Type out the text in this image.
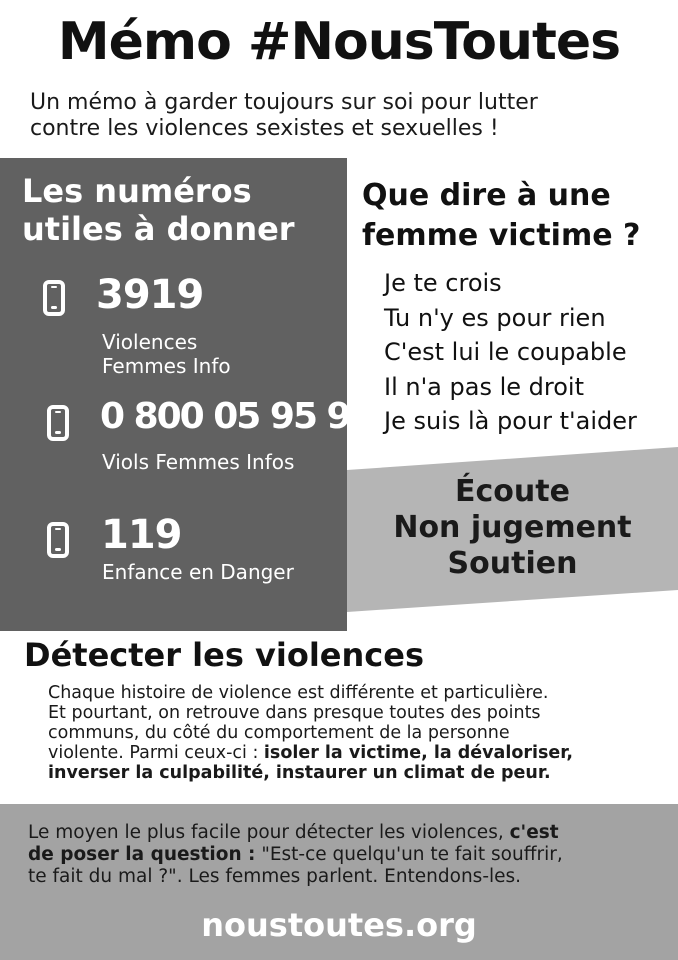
Mémo #NousToutes
Un mémo à garder toujours sur soi pour lutter
contre les violences sexistes et sexuelles !
Les numéros
utiles à donner
3919
Violences
Femmes Info
0 800 05 95 95
Viols Femmes Infos
119
Enfance en Danger
Que dire à une
femme victime ?
Je te crois
Tu n'y es pour rien
C'est lui le coupable
Il n'a pas le droit
Je suis là pour t'aider
Écoute
Non jugement
Soutien
Détecter les violences
Chaque histoire de violence est différente et particulière.
Et pourtant, on retrouve dans presque toutes des points
communs, du côté du comportement de la personne
violente. Parmi ceux-ci : isoler la victime, la dévaloriser,
inverser la culpabilité, instaurer un climat de peur.
Le moyen le plus facile pour détecter les violences, c'est
de poser la question : "Est-ce quelqu'un te fait souffrir,
te fait du mal ?". Les femmes parlent. Entendons-les.
noustoutes.org
